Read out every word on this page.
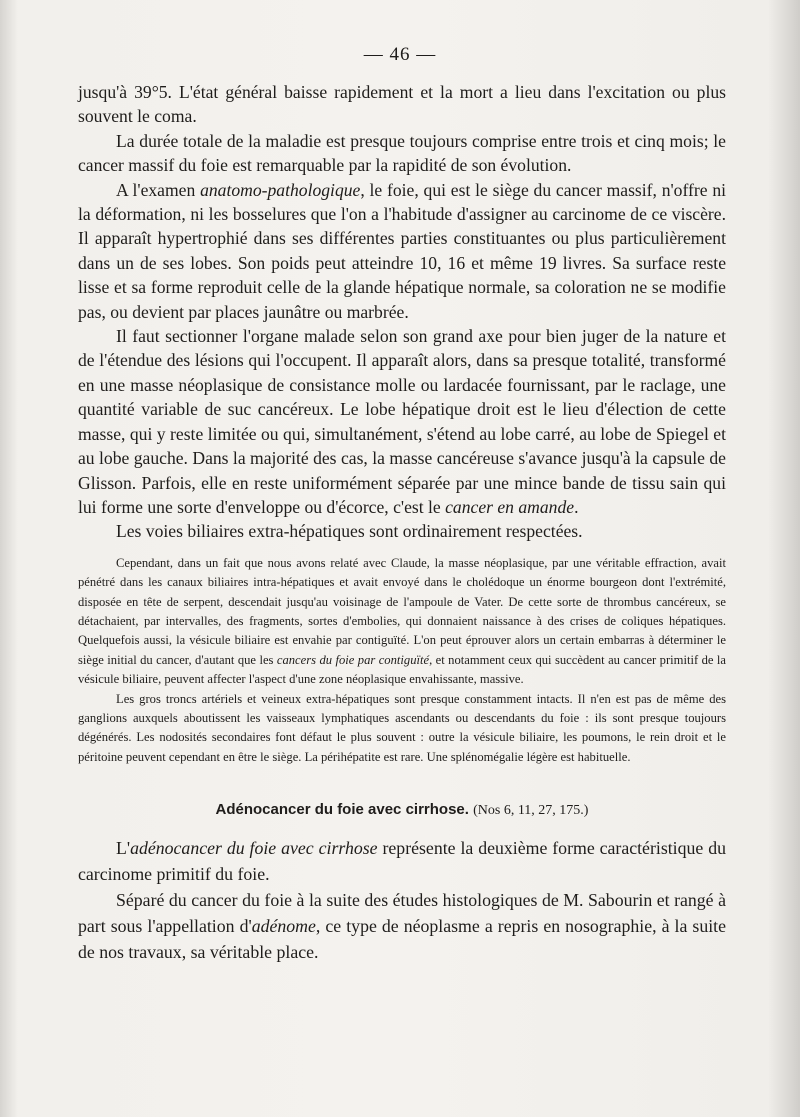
— 46 —

jusqu'à 39°5. L'état général baisse rapidement et la mort a lieu dans l'excitation ou plus souvent le coma.

La durée totale de la maladie est presque toujours comprise entre trois et cinq mois; le cancer massif du foie est remarquable par la rapidité de son évolution.

A l'examen anatomo-pathologique, le foie, qui est le siège du cancer massif, n'offre ni la déformation, ni les bosselures que l'on a l'habitude d'assigner au carcinome de ce viscère. Il apparaît hypertrophié dans ses différentes parties constituantes ou plus particulièrement dans un de ses lobes. Son poids peut atteindre 10, 16 et même 19 livres. Sa surface reste lisse et sa forme reproduit celle de la glande hépatique normale, sa coloration ne se modifie pas, ou devient par places jaunâtre ou marbrée.

Il faut sectionner l'organe malade selon son grand axe pour bien juger de la nature et de l'étendue des lésions qui l'occupent. Il apparaît alors, dans sa presque totalité, transformé en une masse néoplasique de consistance molle ou lardacée fournissant, par le raclage, une quantité variable de suc cancéreux. Le lobe hépatique droit est le lieu d'élection de cette masse, qui y reste limitée ou qui, simultanément, s'étend au lobe carré, au lobe de Spiegel et au lobe gauche. Dans la majorité des cas, la masse cancéreuse s'avance jusqu'à la capsule de Glisson. Parfois, elle en reste uniformément séparée par une mince bande de tissu sain qui lui forme une sorte d'enveloppe ou d'écorce, c'est le cancer en amande.

Les voies biliaires extra-hépatiques sont ordinairement respectées.

Cependant, dans un fait que nous avons relaté avec Claude, la masse néoplasique, par une véritable effraction, avait pénétré dans les canaux biliaires intra-hépatiques et avait envoyé dans le cholédoque un énorme bourgeon dont l'extrémité, disposée en tête de serpent, descendait jusqu'au voisinage de l'ampoule de Vater. De cette sorte de thrombus cancéreux, se détachaient, par intervalles, des fragments, sortes d'embolies, qui donnaient naissance à des crises de coliques hépatiques. Quelquefois aussi, la vésicule biliaire est envahie par contiguïté. L'on peut éprouver alors un certain embarras à déterminer le siège initial du cancer, d'autant que les cancers du foie par contiguïté, et notamment ceux qui succèdent au cancer primitif de la vésicule biliaire, peuvent affecter l'aspect d'une zone néoplasique envahissante, massive.

Les gros troncs artériels et veineux extra-hépatiques sont presque constamment intacts. Il n'en est pas de même des ganglions auxquels aboutissent les vaisseaux lymphatiques ascendants ou descendants du foie : ils sont presque toujours dégénérés. Les nodosités secondaires font défaut le plus souvent : outre la vésicule biliaire, les poumons, le rein droit et le péritoine peuvent cependant en être le siège. La périhépatite est rare. Une splénomégalie légère est habituelle.

Adénocancer du foie avec cirrhose. (Nos 6, 11, 27, 175.)

L'adénocancer du foie avec cirrhose représente la deuxième forme caractéristique du carcinome primitif du foie.

Séparé du cancer du foie à la suite des études histologiques de M. Sabourin et rangé à part sous l'appellation d'adénome, ce type de néoplasme a repris en nosographie, à la suite de nos travaux, sa véritable place.
